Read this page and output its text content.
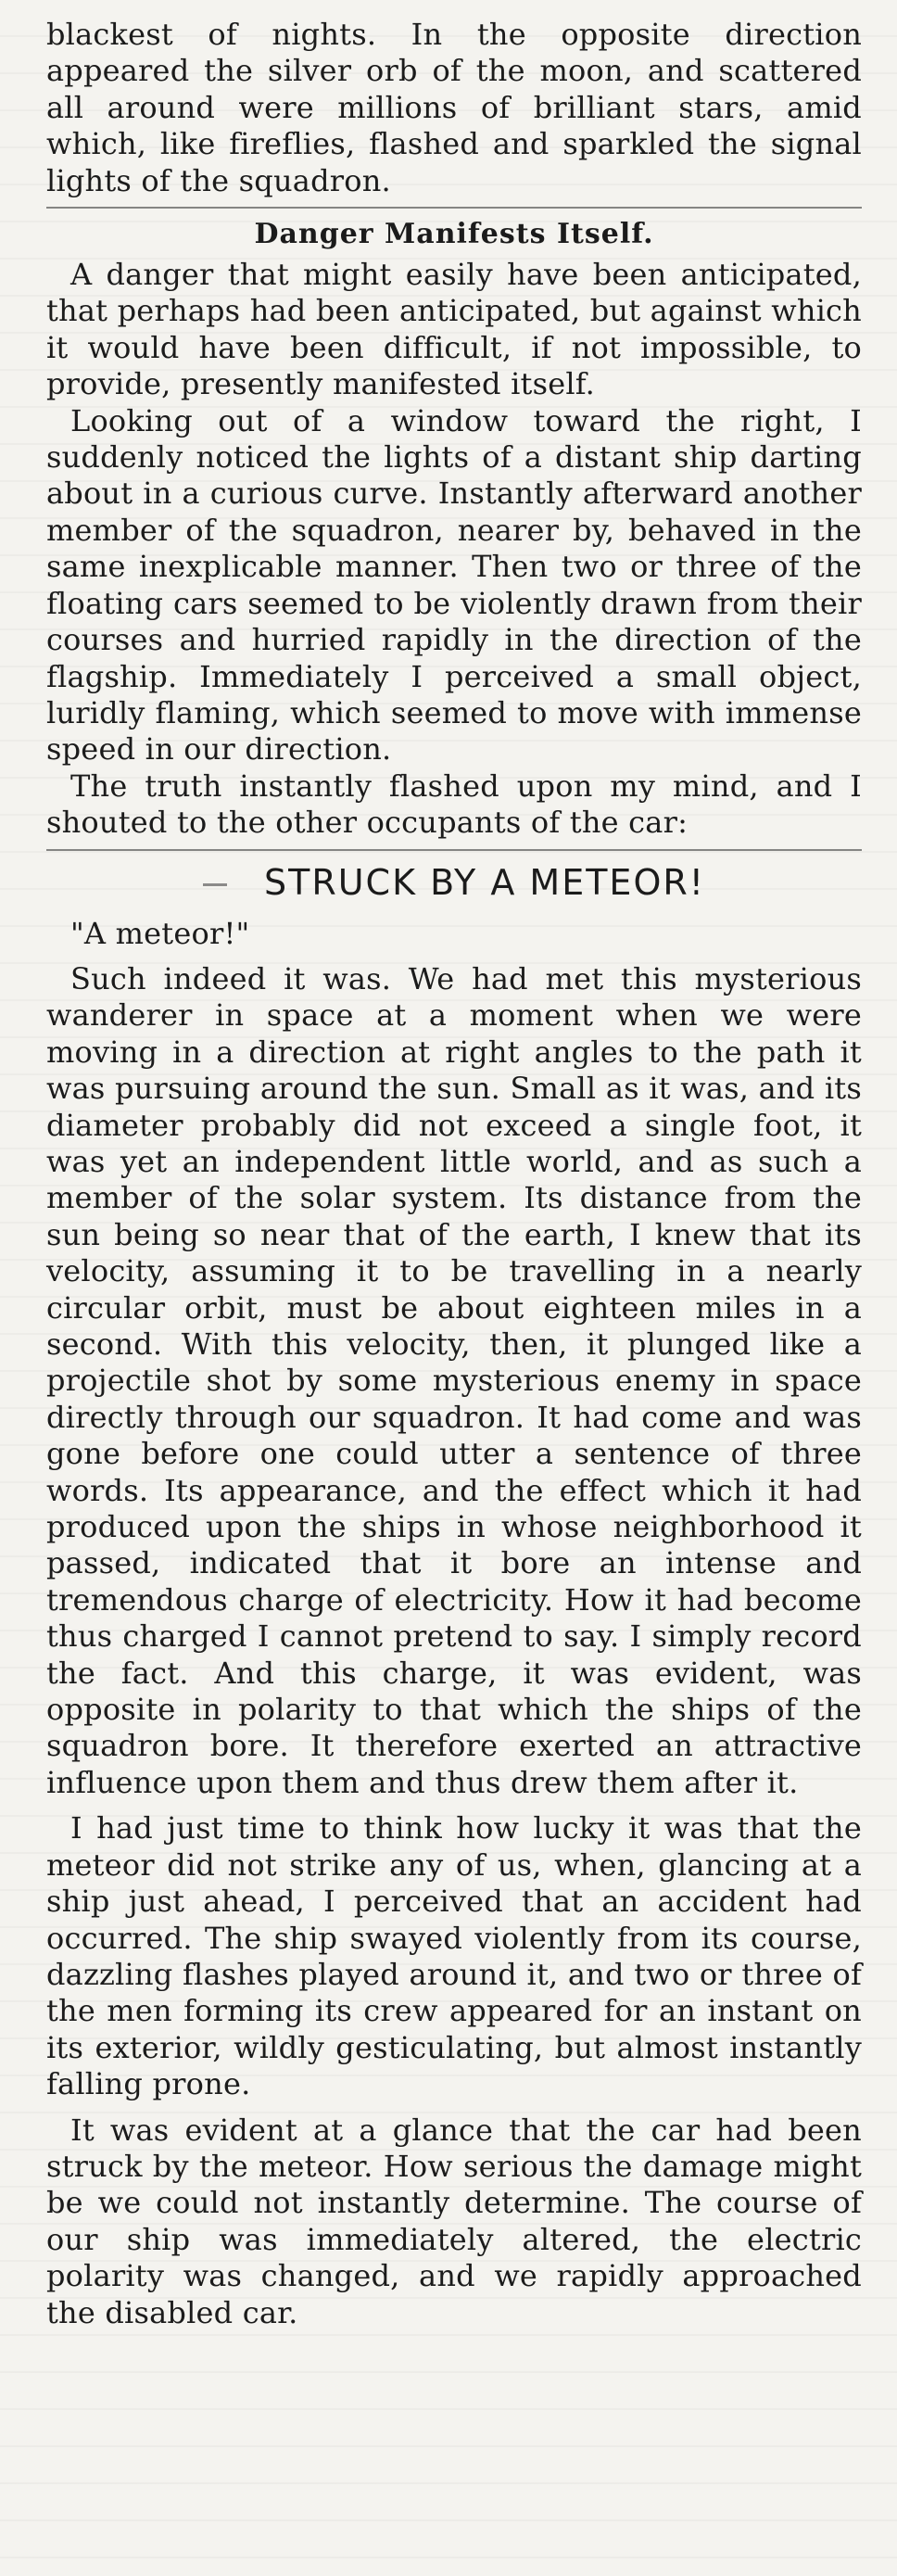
blackest of nights. In the opposite direction appeared the silver orb of the moon, and scattered all around were millions of brilliant stars, amid which, like fireflies, flashed and sparkled the signal lights of the squadron.

Danger Manifests Itself.

A danger that might easily have been anticipated, that perhaps had been anticipated, but against which it would have been difficult, if not impossible, to provide, presently manifested itself.

Looking out of a window toward the right, I suddenly noticed the lights of a distant ship darting about in a curious curve. Instantly afterward another member of the squadron, nearer by, behaved in the same inexplicable manner. Then two or three of the floating cars seemed to be violently drawn from their courses and hurried rapidly in the direction of the flagship. Immediately I perceived a small object, luridly flaming, which seemed to move with immense speed in our direction.

The truth instantly flashed upon my mind, and I shouted to the other occupants of the car:

STRUCK BY A METEOR!

"A meteor!"

Such indeed it was. We had met this mysterious wanderer in space at a moment when we were moving in a direction at right angles to the path it was pursuing around the sun. Small as it was, and its diameter probably did not exceed a single foot, it was yet an independent little world, and as such a member of the solar system. Its distance from the sun being so near that of the earth, I knew that its velocity, assuming it to be travelling in a nearly circular orbit, must be about eighteen miles in a second. With this velocity, then, it plunged like a projectile shot by some mysterious enemy in space directly through our squadron. It had come and was gone before one could utter a sentence of three words. Its appearance, and the effect which it had produced upon the ships in whose neighborhood it passed, indicated that it bore an intense and tremendous charge of electricity. How it had become thus charged I cannot pretend to say. I simply record the fact. And this charge, it was evident, was opposite in polarity to that which the ships of the squadron bore. It therefore exerted an attractive influence upon them and thus drew them after it.

I had just time to think how lucky it was that the meteor did not strike any of us, when, glancing at a ship just ahead, I perceived that an accident had occurred. The ship swayed violently from its course, dazzling flashes played around it, and two or three of the men forming its crew appeared for an instant on its exterior, wildly gesticulating, but almost instantly falling prone.

It was evident at a glance that the car had been struck by the meteor. How serious the damage might be we could not instantly determine. The course of our ship was immediately altered, the electric polarity was changed, and we rapidly approached the disabled car.
